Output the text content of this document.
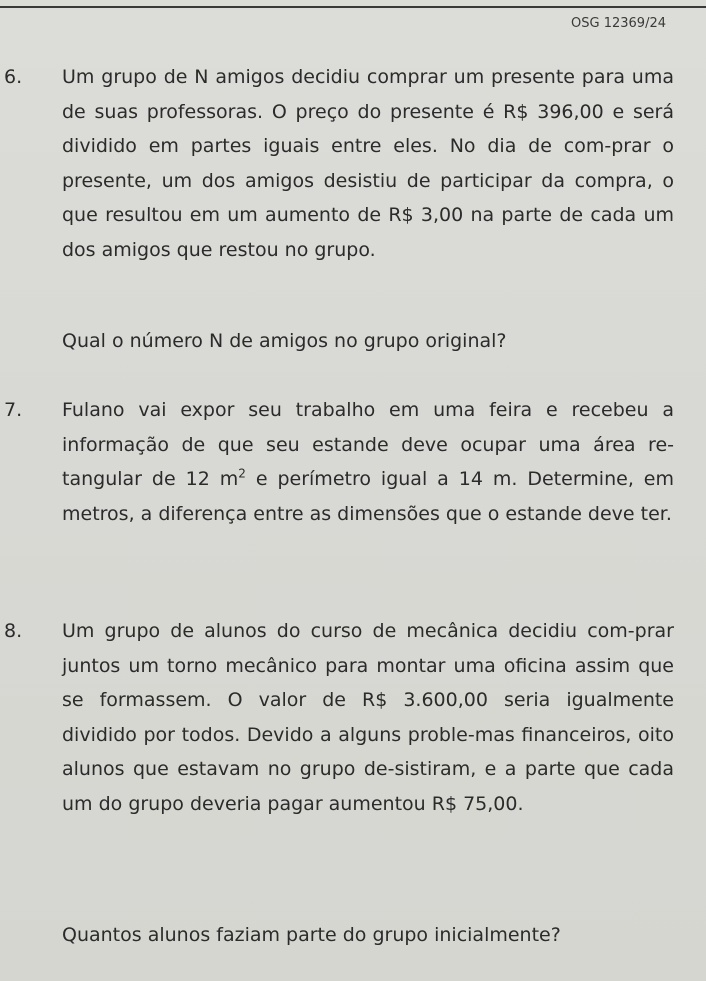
OSG 12369/24
6. Um grupo de N amigos decidiu comprar um presente para uma de suas professoras. O preço do presente é R$ 396,00 e será dividido em partes iguais entre eles. No dia de com-prar o presente, um dos amigos desistiu de participar da compra, o que resultou em um aumento de R$ 3,00 na parte de cada um dos amigos que restou no grupo.
Qual o número N de amigos no grupo original?
7. Fulano vai expor seu trabalho em uma feira e recebeu a informação de que seu estande deve ocupar uma área re-tangular de 12 $m^2$ e perímetro igual a 14 m. Determine, em metros, a diferença entre as dimensões que o estande deve ter.
8. Um grupo de alunos do curso de mecânica decidiu com-prar juntos um torno mecânico para montar uma oficina assim que se formassem. O valor de R$ 3.600,00 seria igualmente dividido por todos. Devido a alguns proble-mas financeiros, oito alunos que estavam no grupo de-sistiram, e a parte que cada um do grupo deveria pagar aumentou R$ 75,00.
Quantos alunos faziam parte do grupo inicialmente?
